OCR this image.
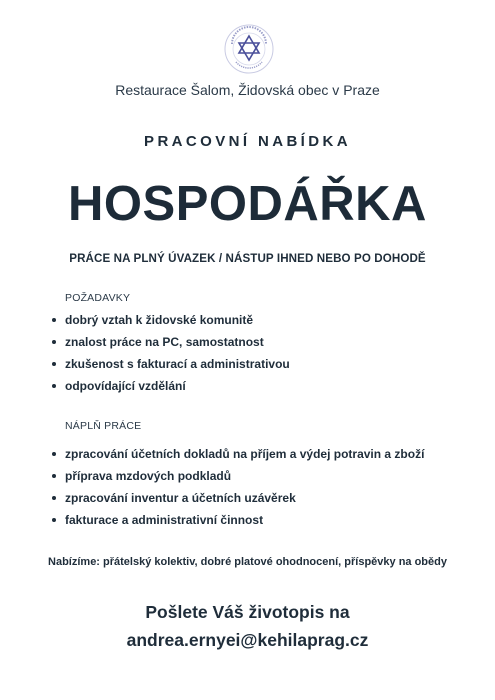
Restaurace Šalom, Židovská obec v Praze
PRACOVNÍ NABÍDKA
HOSPODÁŘKA
PRÁCE NA PLNÝ ÚVAZEK / NÁSTUP IHNED NEBO PO DOHODĚ
POŽADAVKY
dobrý vztah k židovské komunitě
znalost práce na PC, samostatnost
zkušenost s fakturací a administrativou
odpovídající vzdělání
NÁPLŇ PRÁCE
zpracování účetních dokladů na příjem a výdej potravin a zboží
příprava mzdových podkladů
zpracování inventur a účetních uzávěrek
fakturace a administrativní činnost
Nabízíme: přátelský kolektiv, dobré platové ohodnocení, příspěvky na obědy
Pošlete Váš životopis na
andrea.ernyei@kehilaprag.cz
